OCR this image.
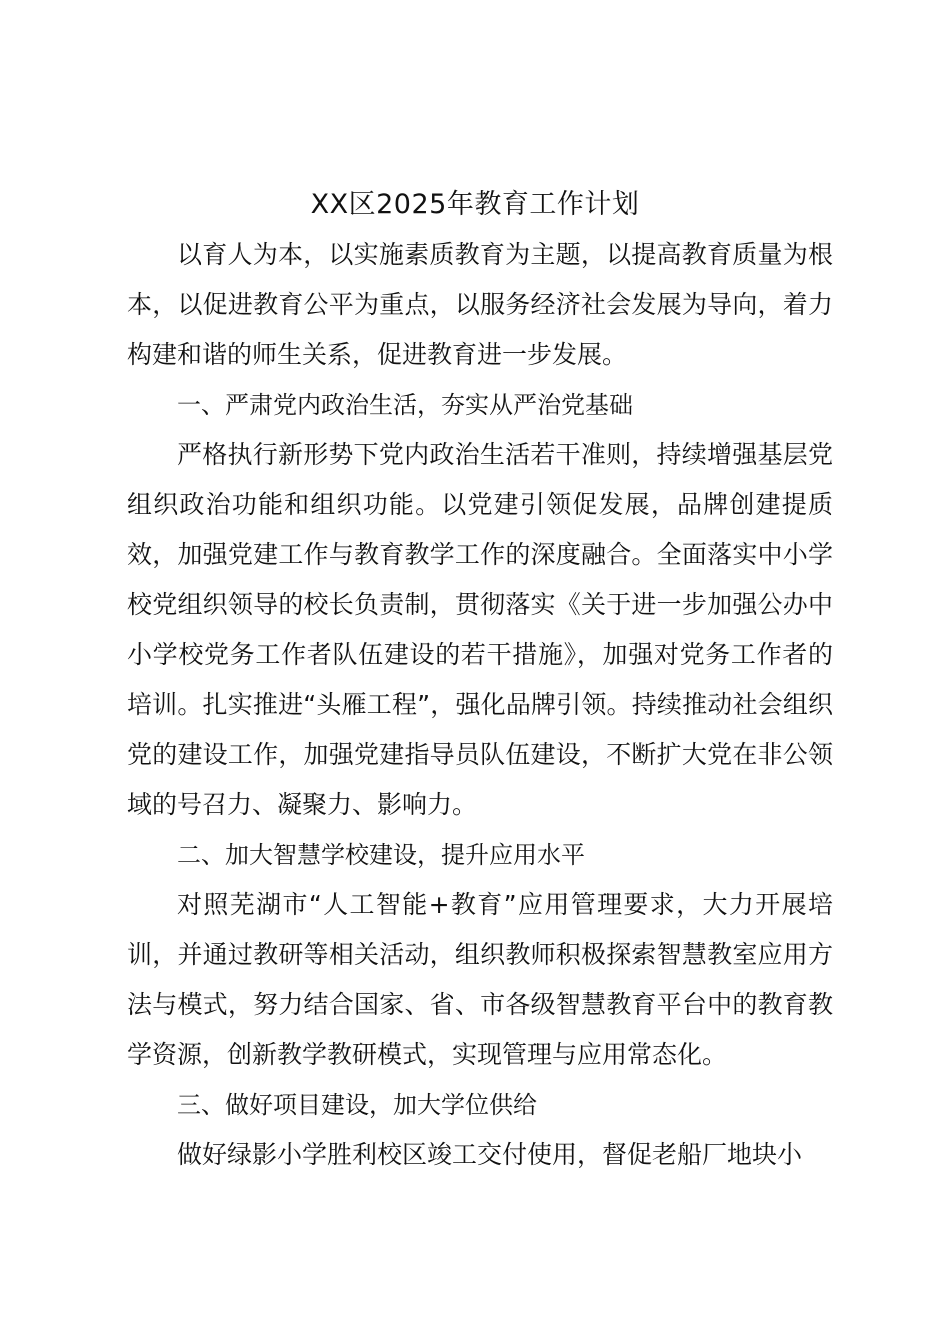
XX区2025年教育工作计划

以育人为本，以实施素质教育为主题，以提高教育质量为根本，以促进教育公平为重点，以服务经济社会发展为导向，着力构建和谐的师生关系，促进教育进一步发展。

一、严肃党内政治生活，夯实从严治党基础

严格执行新形势下党内政治生活若干准则，持续增强基层党组织政治功能和组织功能。以党建引领促发展，品牌创建提质效，加强党建工作与教育教学工作的深度融合。全面落实中小学校党组织领导的校长负责制，贯彻落实《关于进一步加强公办中小学校党务工作者队伍建设的若干措施》，加强对党务工作者的培训。扎实推进“头雁工程”，强化品牌引领。持续推动社会组织党的建设工作，加强党建指导员队伍建设，不断扩大党在非公领域的号召力、凝聚力、影响力。

二、加大智慧学校建设，提升应用水平

对照芜湖市“人工智能+教育”应用管理要求，大力开展培训，并通过教研等相关活动，组织教师积极探索智慧教室应用方法与模式，努力结合国家、省、市各级智慧教育平台中的教育教学资源，创新教学教研模式，实现管理与应用常态化。

三、做好项目建设，加大学位供给

做好绿影小学胜利校区竣工交付使用，督促老船厂地块小
